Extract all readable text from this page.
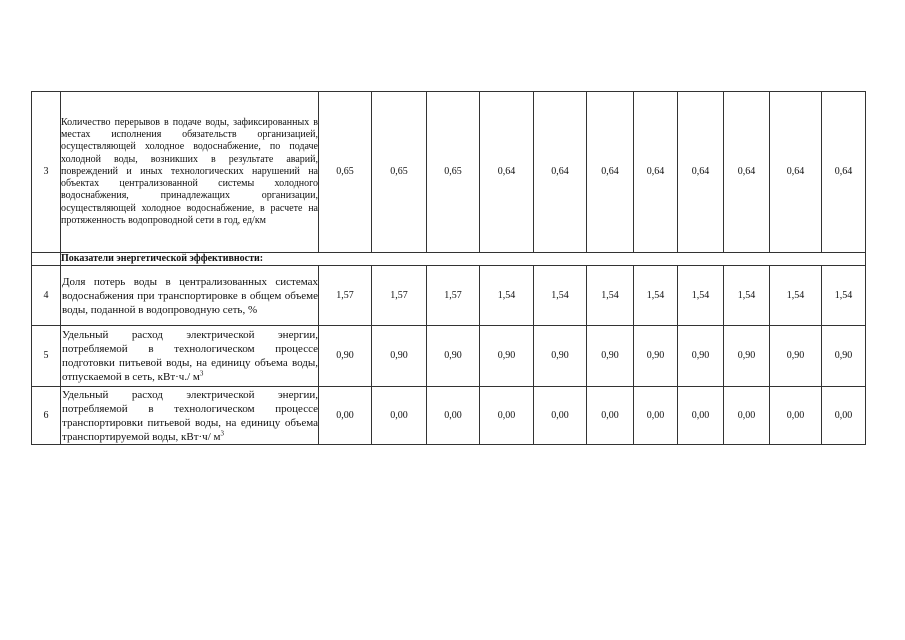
3	Количество перерывов в подаче воды, зафиксированных в местах исполнения обязательств организацией, осуществляющей холодное водоснабжение, по подаче холодной воды, возникших в результате аварий, повреждений и иных технологических нарушений на объектах централизованной системы холодного водоснабжения, принадлежащих организации, осуществляющей холодное водоснабжение, в расчете на протяженность водопроводной сети в год, ед/км	0,65	0,65	0,65	0,64	0,64	0,64	0,64	0,64	0,64	0,64	0,64
	Показатели энергетической эффективности:											
4	Доля потерь воды в централизованных системах водоснабжения при транспортировке в общем объеме воды, поданной в водопроводную сеть, %	1,57	1,57	1,57	1,54	1,54	1,54	1,54	1,54	1,54	1,54	1,54
5	Удельный расход электрической энергии, потребляемой в технологическом процессе подготовки питьевой воды, на единицу объема воды, отпускаемой в сеть, кВт·ч./ $м^3$	0,90	0,90	0,90	0,90	0,90	0,90	0,90	0,90	0,90	0,90	0,90
6	Удельный расход электрической энергии, потребляемой в технологическом процессе транспортировки питьевой воды, на единицу объема транспортируемой воды, кВт·ч/ $м^3$	0,00	0,00	0,00	0,00	0,00	0,00	0,00	0,00	0,00	0,00	0,00
